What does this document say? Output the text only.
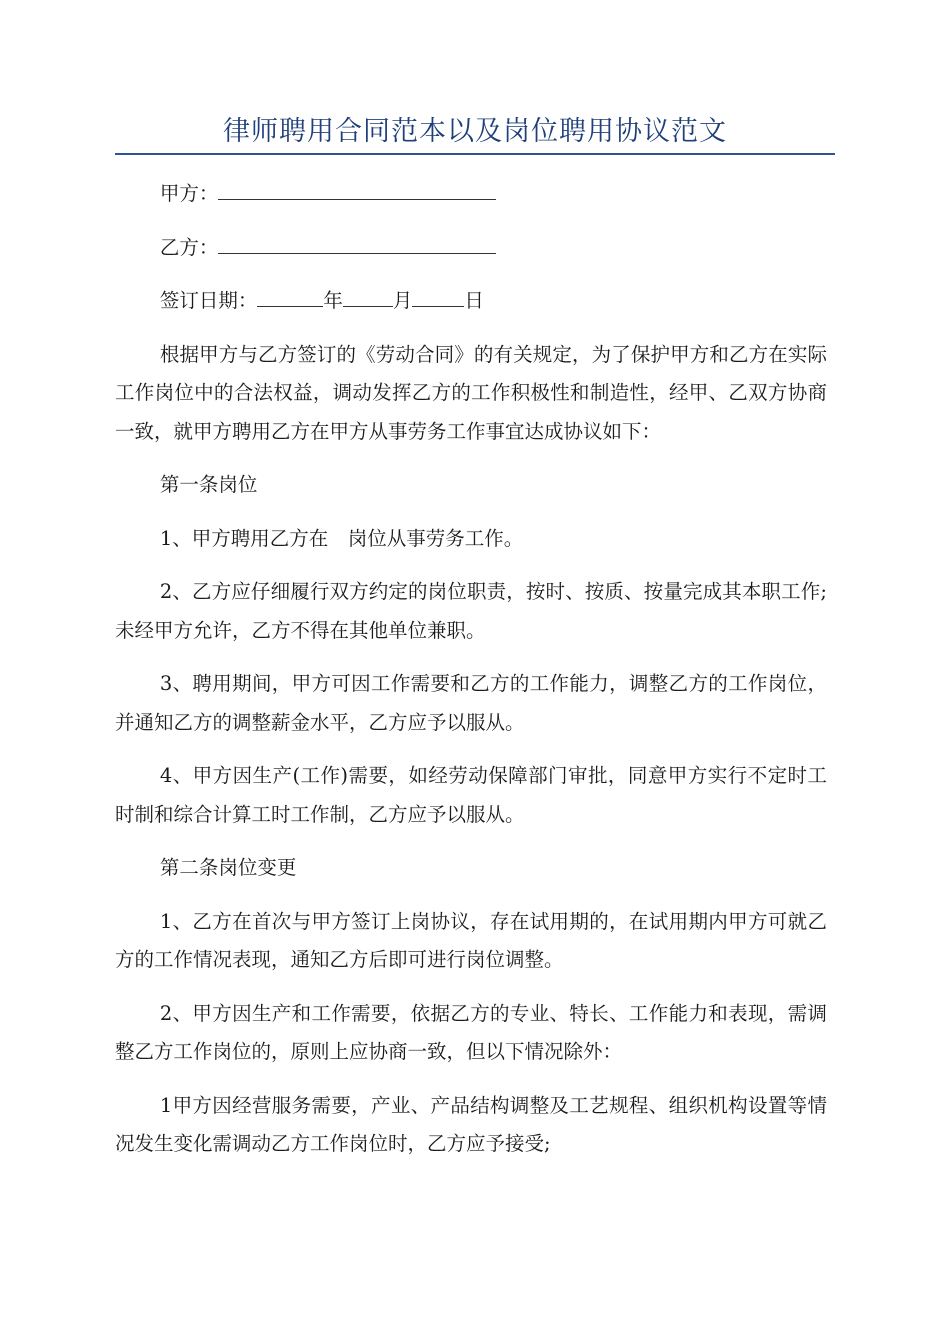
律师聘用合同范本以及岗位聘用协议范文

甲方：

乙方：

签订日期：	年	月	日

根据甲方与乙方签订的《劳动合同》的有关规定，为了保护甲方和乙方在实际工作岗位中的合法权益，调动发挥乙方的工作积极性和制造性，经甲、乙双方协商一致，就甲方聘用乙方在甲方从事劳务工作事宜达成协议如下：

第一条岗位

1、甲方聘用乙方在　岗位从事劳务工作。

2、乙方应仔细履行双方约定的岗位职责，按时、按质、按量完成其本职工作;未经甲方允许，乙方不得在其他单位兼职。

3、聘用期间，甲方可因工作需要和乙方的工作能力，调整乙方的工作岗位，并通知乙方的调整薪金水平，乙方应予以服从。

4、甲方因生产(工作)需要，如经劳动保障部门审批，同意甲方实行不定时工时制和综合计算工时工作制，乙方应予以服从。

第二条岗位变更

1、乙方在首次与甲方签订上岗协议，存在试用期的，在试用期内甲方可就乙方的工作情况表现，通知乙方后即可进行岗位调整。

2、甲方因生产和工作需要，依据乙方的专业、特长、工作能力和表现，需调整乙方工作岗位的，原则上应协商一致，但以下情况除外：

1甲方因经营服务需要，产业、产品结构调整及工艺规程、组织机构设置等情况发生变化需调动乙方工作岗位时，乙方应予接受;
